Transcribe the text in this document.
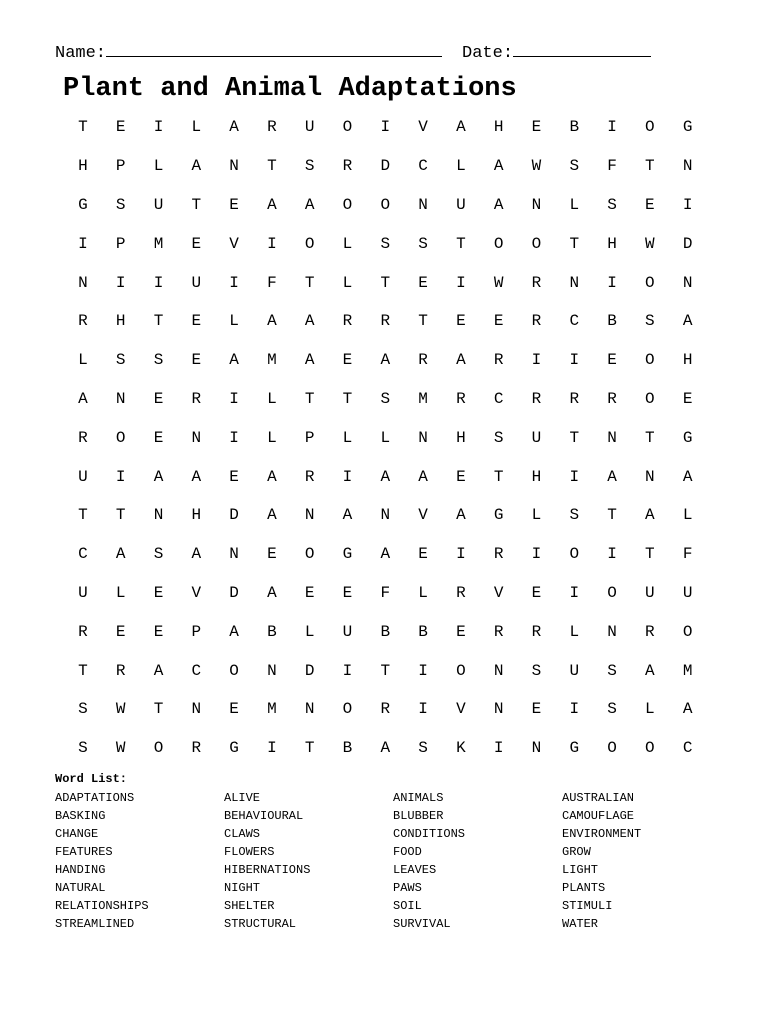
Name:	Date:
Plant and Animal Adaptations
T	E	I	L	A	R	U	O	I	V	A	H	E	B	I	O	G
H	P	L	A	N	T	S	R	D	C	L	A	W	S	F	T	N
G	S	U	T	E	A	A	O	O	N	U	A	N	L	S	E	I
I	P	M	E	V	I	O	L	S	S	T	O	O	T	H	W	D
N	I	I	U	I	F	T	L	T	E	I	W	R	N	I	O	N
R	H	T	E	L	A	A	R	R	T	E	E	R	C	B	S	A
L	S	S	E	A	M	A	E	A	R	A	R	I	I	E	O	H
A	N	E	R	I	L	T	T	S	M	R	C	R	R	R	O	E
R	O	E	N	I	L	P	L	L	N	H	S	U	T	N	T	G
U	I	A	A	E	A	R	I	A	A	E	T	H	I	A	N	A
T	T	N	H	D	A	N	A	N	V	A	G	L	S	T	A	L
C	A	S	A	N	E	O	G	A	E	I	R	I	O	I	T	F
U	L	E	V	D	A	E	E	F	L	R	V	E	I	O	U	U
R	E	E	P	A	B	L	U	B	B	E	R	R	L	N	R	O
T	R	A	C	O	N	D	I	T	I	O	N	S	U	S	A	M
S	W	T	N	E	M	N	O	R	I	V	N	E	I	S	L	A
S	W	O	R	G	I	T	B	A	S	K	I	N	G	O	O	C
Word List:
ADAPTATIONS	ALIVE	ANIMALS	AUSTRALIAN
BASKING	BEHAVIOURAL	BLUBBER	CAMOUFLAGE
CHANGE	CLAWS	CONDITIONS	ENVIRONMENT
FEATURES	FLOWERS	FOOD	GROW
HANDING	HIBERNATIONS	LEAVES	LIGHT
NATURAL	NIGHT	PAWS	PLANTS
RELATIONSHIPS	SHELTER	SOIL	STIMULI
STREAMLINED	STRUCTURAL	SURVIVAL	WATER
